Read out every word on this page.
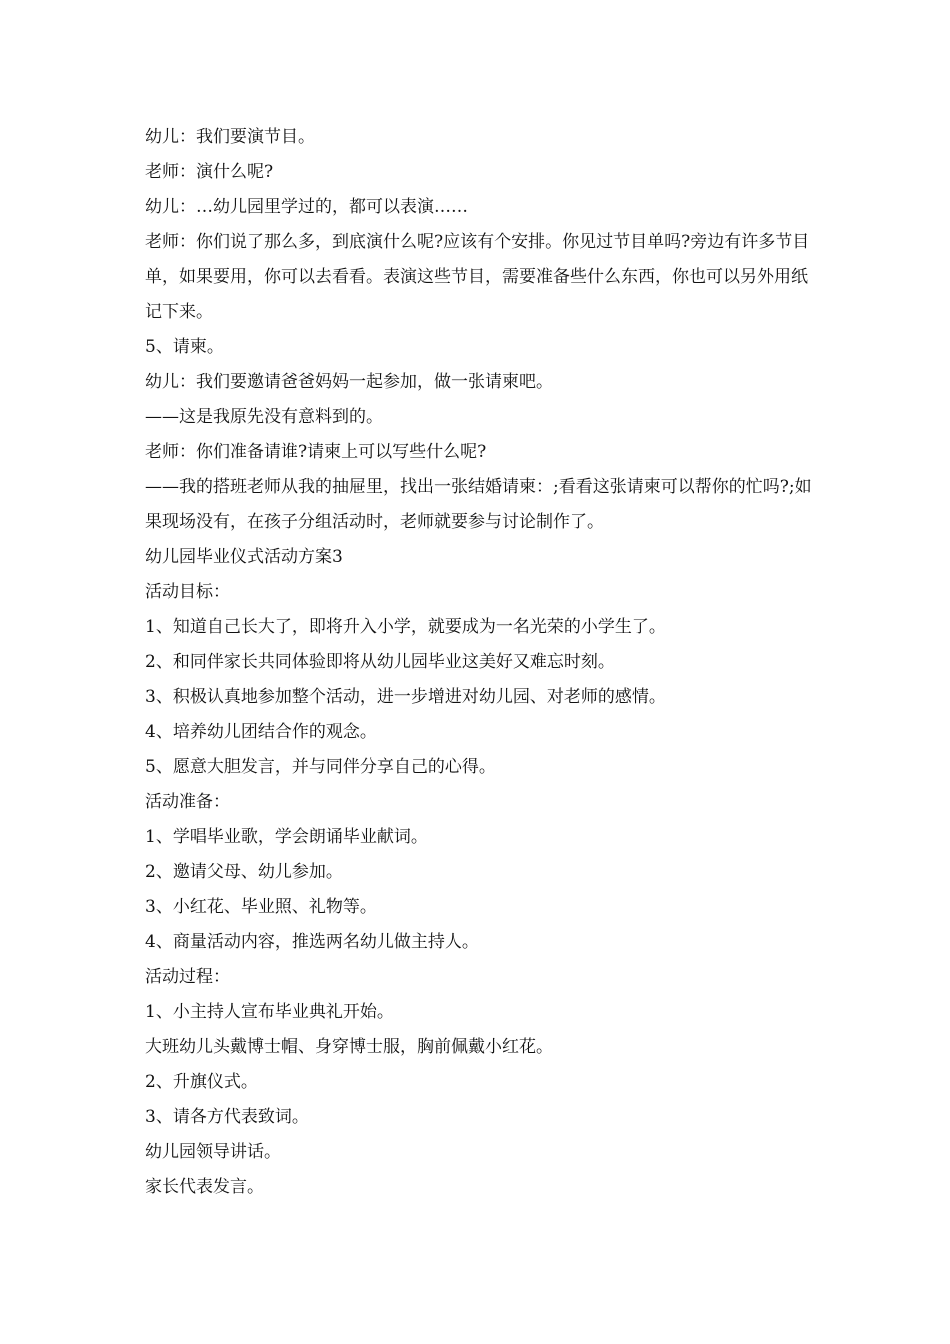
幼儿：我们要演节目。

老师：演什么呢?

幼儿：…幼儿园里学过的，都可以表演……

老师：你们说了那么多，到底演什么呢?应该有个安排。你见过节目单吗?旁边有许多节目单，如果要用，你可以去看看。表演这些节目，需要准备些什么东西，你也可以另外用纸记下来。

5、请柬。

幼儿：我们要邀请爸爸妈妈一起参加，做一张请柬吧。

——这是我原先没有意料到的。

老师：你们准备请谁?请柬上可以写些什么呢?

——我的搭班老师从我的抽屉里，找出一张结婚请柬：;看看这张请柬可以帮你的忙吗?;如果现场没有，在孩子分组活动时，老师就要参与讨论制作了。

幼儿园毕业仪式活动方案3

活动目标：

1、知道自己长大了，即将升入小学，就要成为一名光荣的小学生了。

2、和同伴家长共同体验即将从幼儿园毕业这美好又难忘时刻。

3、积极认真地参加整个活动，进一步增进对幼儿园、对老师的感情。

4、培养幼儿团结合作的观念。

5、愿意大胆发言，并与同伴分享自己的心得。

活动准备：

1、学唱毕业歌，学会朗诵毕业献词。

2、邀请父母、幼儿参加。

3、小红花、毕业照、礼物等。

4、商量活动内容，推选两名幼儿做主持人。

活动过程：

1、小主持人宣布毕业典礼开始。

大班幼儿头戴博士帽、身穿博士服，胸前佩戴小红花。

2、升旗仪式。

3、请各方代表致词。

幼儿园领导讲话。

家长代表发言。
